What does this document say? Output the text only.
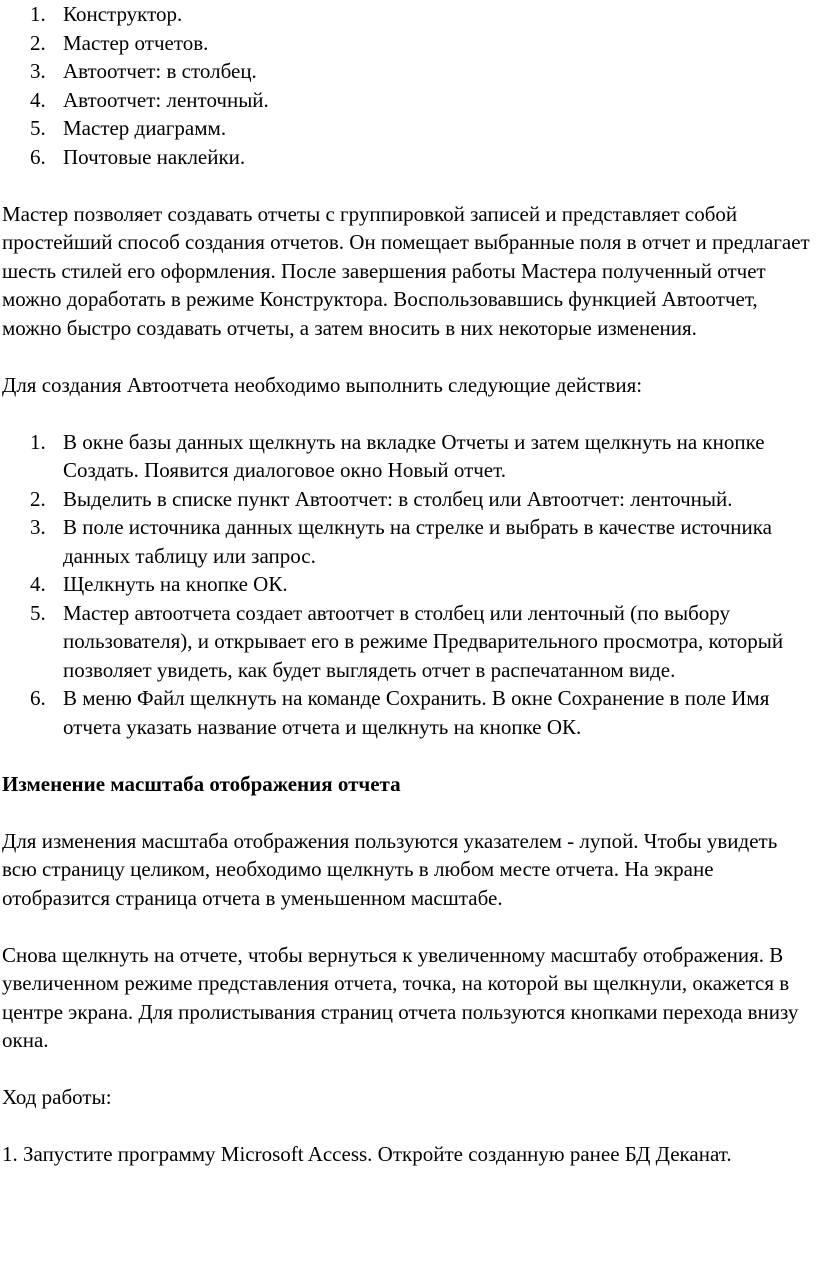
1. Конструктор.
2. Мастер отчетов.
3. Автоотчет: в столбец.
4. Автоотчет: ленточный.
5. Мастер диаграмм.
6. Почтовые наклейки.

Мастер позволяет создавать отчеты с группировкой записей и представляет собой простейший способ создания отчетов. Он помещает выбранные поля в отчет и предлагает шесть стилей его оформления. После завершения работы Мастера полученный отчет можно доработать в режиме Конструктора. Воспользовавшись функцией Автоотчет, можно быстро создавать отчеты, а затем вносить в них некоторые изменения.

Для создания Автоотчета необходимо выполнить следующие действия:

1. В окне базы данных щелкнуть на вкладке Отчеты и затем щелкнуть на кнопке Создать. Появится диалоговое окно Новый отчет.
2. Выделить в списке пункт Автоотчет: в столбец или Автоотчет: ленточный.
3. В поле источника данных щелкнуть на стрелке и выбрать в качестве источника данных таблицу или запрос.
4. Щелкнуть на кнопке ОК.
5. Мастер автоотчета создает автоотчет в столбец или ленточный (по выбору пользователя), и открывает его в режиме Предварительного просмотра, который позволяет увидеть, как будет выглядеть отчет в распечатанном виде.
6. В меню Файл щелкнуть на команде Сохранить. В окне Сохранение в поле Имя отчета указать название отчета и щелкнуть на кнопке ОК.
Изменение масштаба отображения отчета

Для изменения масштаба отображения пользуются указателем - лупой. Чтобы увидеть всю страницу целиком, необходимо щелкнуть в любом месте отчета. На экране отобразится страница отчета в уменьшенном масштабе.

Снова щелкнуть на отчете, чтобы вернуться к увеличенному масштабу отображения. В увеличенном режиме представления отчета, точка, на которой вы щелкнули, окажется в центре экрана. Для пролистывания страниц отчета пользуются кнопками перехода внизу окна.

Ход работы:

1. Запустите программу Microsoft Access. Откройте созданную ранее БД Деканат.
